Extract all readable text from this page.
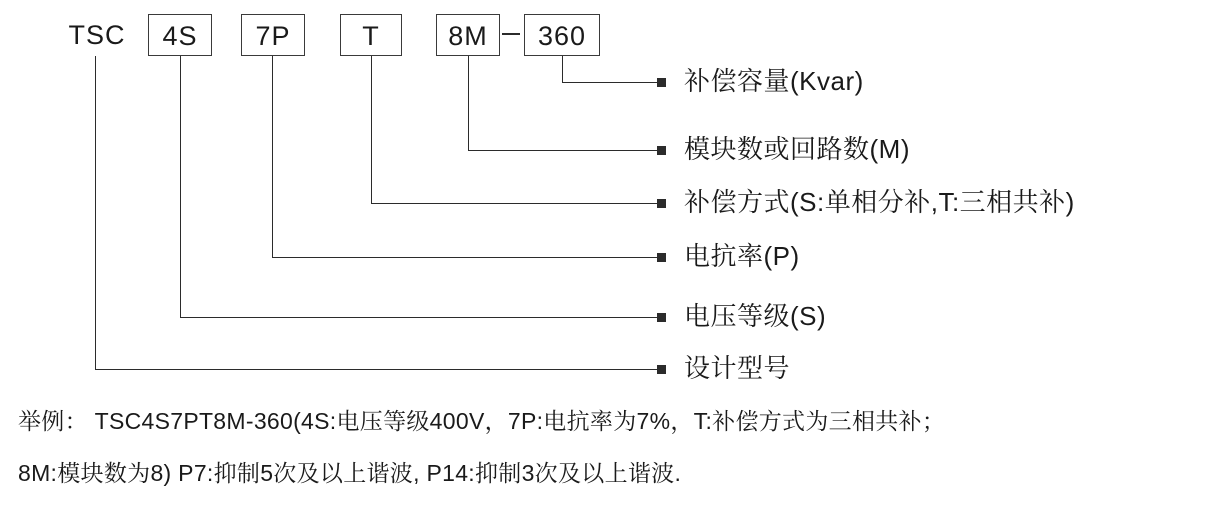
TSC	4S	7P	T	8M	360
补偿容量(Kvar)
模块数或回路数(M)
补偿方式(S:单相分补,T:三相共补)
电抗率(P)
电压等级(S)
设计型号
举例： TSC4S7PT8M-360(4S:电压等级400V，7P:电抗率为7%，T:补偿方式为三相共补；
8M:模块数为8) P7:抑制5次及以上谐波, P14:抑制3次及以上谐波.
